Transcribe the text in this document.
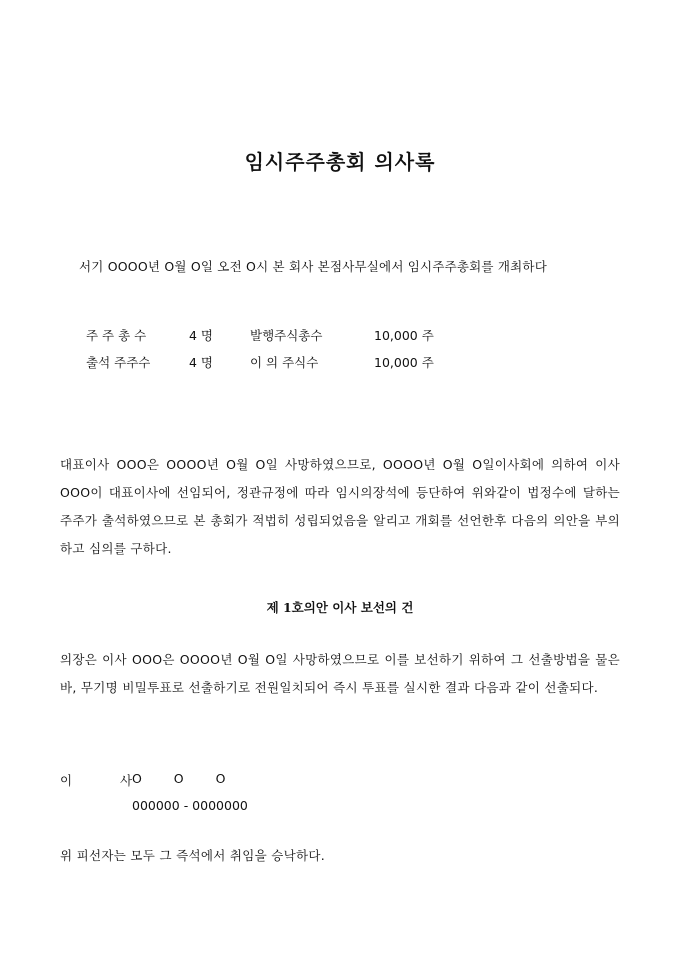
임시주주총회 의사록
서기 OOOO년 O월 O일 오전 O시 본 회사 본점사무실에서 임시주주총회를 개최하다
주 주 총 수	4 명	발행주식총수	10,000 주
출석 주주수	4 명	이 의 주식수	10,000 주
대표이사 OOO은 OOOO년 O월 O일 사망하였으므로, OOOO년 O월 O일이사회에 의하여 이사 OOO이 대표이사에 선임되어, 정관규정에 따라 임시의장석에 등단하여 위와같이 법정수에 달하는 주주가 출석하였으므로 본 총회가 적법히 성립되었음을 알리고 개회를 선언한후 다음의 의안을 부의하고 심의를 구하다.
제 1호의안 이사 보선의 건
의장은 이사 OOO은 OOOO년 O월 O일 사망하였으므로 이를 보선하기 위하여 그 선출방법을 물은바, 무기명 비밀투표로 선출하기로 전원일치되어 즉시 투표를 실시한 결과 다음과 같이 선출되다.
이 사
O O O
000000 - 0000000
위 피선자는 모두 그 즉석에서 취임을 승낙하다.
